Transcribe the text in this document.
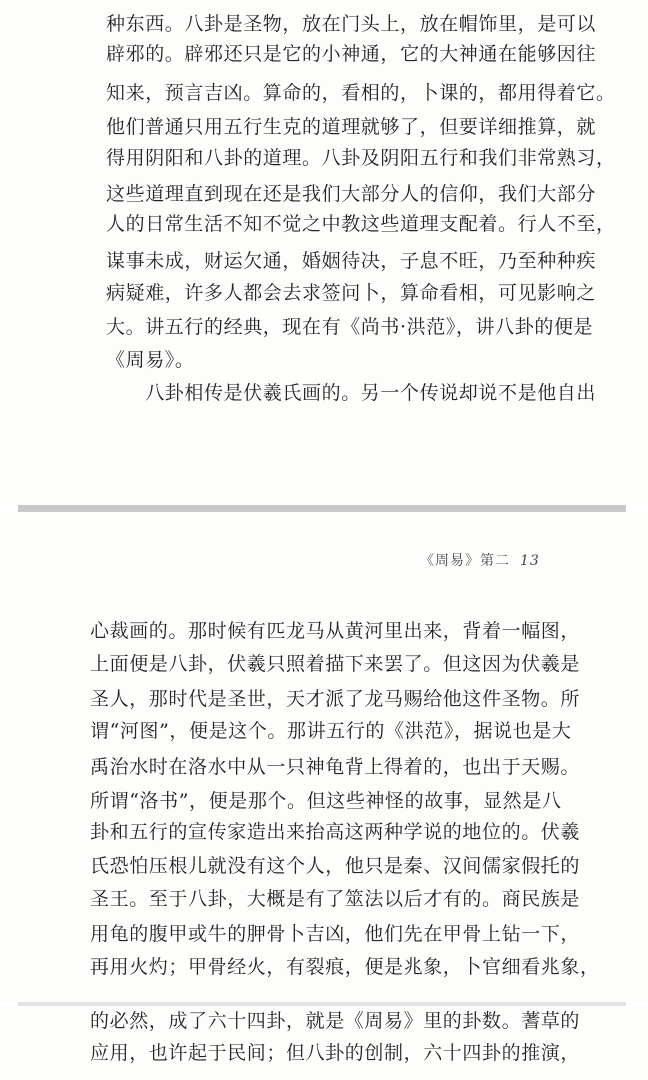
种东西。八卦是圣物，放在门头上，放在帽饰里，是可以
辟邪的。辟邪还只是它的小神通，它的大神通在能够因往
知来，预言吉凶。算命的，看相的，卜课的，都用得着它。
他们普通只用五行生克的道理就够了，但要详细推算，就
得用阴阳和八卦的道理。八卦及阴阳五行和我们非常熟习，
这些道理直到现在还是我们大部分人的信仰，我们大部分
人的日常生活不知不觉之中教这些道理支配着。行人不至，
谋事未成，财运欠通，婚姻待决，子息不旺，乃至种种疾
病疑难，许多人都会去求签问卜，算命看相，可见影响之
大。讲五行的经典，现在有《尚书·洪范》，讲八卦的便是
《周易》。
　　八卦相传是伏羲氏画的。另一个传说却说不是他自出
《周易》第二 13
心裁画的。那时候有匹龙马从黄河里出来，背着一幅图，
上面便是八卦，伏羲只照着描下来罢了。但这因为伏羲是
圣人，那时代是圣世，天才派了龙马赐给他这件圣物。所
谓“河图”，便是这个。那讲五行的《洪范》，据说也是大
禹治水时在洛水中从一只神龟背上得着的，也出于天赐。
所谓“洛书”，便是那个。但这些神怪的故事，显然是八
卦和五行的宣传家造出来抬高这两种学说的地位的。伏羲
氏恐怕压根儿就没有这个人，他只是秦、汉间儒家假托的
圣王。至于八卦，大概是有了筮法以后才有的。商民族是
用龟的腹甲或牛的胛骨卜吉凶，他们先在甲骨上钻一下，
再用火灼；甲骨经火，有裂痕，便是兆象，卜官细看兆象，
的必然，成了六十四卦，就是《周易》里的卦数。蓍草的
应用，也许起于民间；但八卦的创制，六十四卦的推演，
